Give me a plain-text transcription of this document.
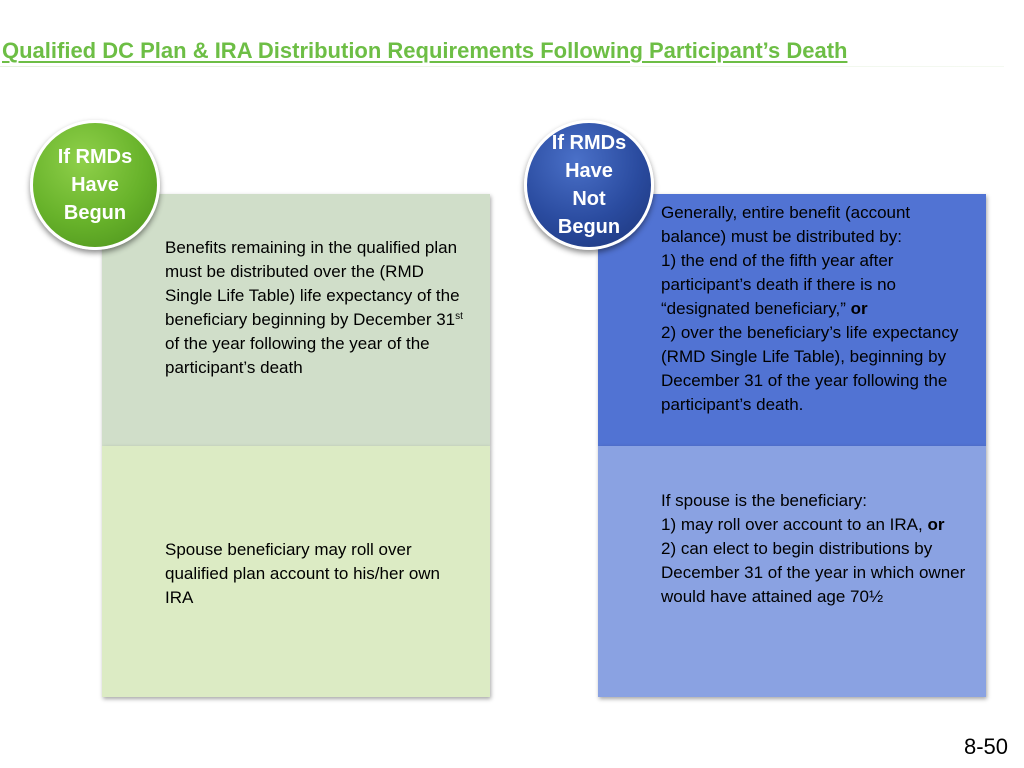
Qualified DC Plan & IRA Distribution Requirements Following Participant’s Death

Benefits remaining in the qualified plan must be distributed over the (RMD Single Life Table) life expectancy of the beneficiary beginning by December 31st of the year following the year of the participant’s death

Spouse beneficiary may roll over qualified plan account to his/her own IRA

Generally, entire benefit (account balance) must be distributed by:

1) the end of the fifth year after participant’s death if there is no “designated beneficiary,” or

2) over the beneficiary’s life expectancy (RMD Single Life Table), beginning by December 31 of the year following the participant’s death.

If spouse is the beneficiary:

1) may roll over account to an IRA, or

2) can elect to begin distributions by December 31 of the year in which owner would have attained age 70½

If RMDs
Have
Begun
If RMDs
Have
Not
Begun
8-50
